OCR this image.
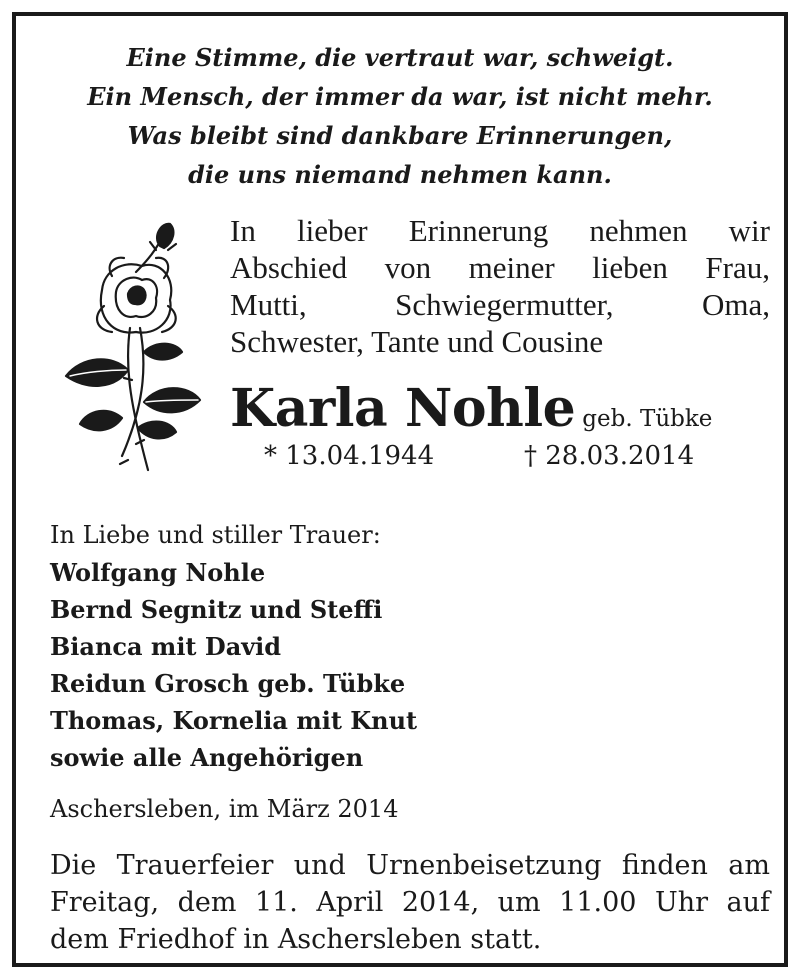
Eine Stimme, die vertraut war, schweigt.
Ein Mensch, der immer da war, ist nicht mehr.
Was bleibt sind dankbare Erinnerungen,
die uns niemand nehmen kann.
In lieber Erinnerung nehmen wir
Abschied von meiner lieben Frau,
Mutti, Schwiegermutter, Oma,
Schwester, Tante und Cousine
Karla Nohle geb. Tübke
* 13.04.1944	† 28.03.2014
In Liebe und stiller Trauer:
Wolfgang Nohle
Bernd Segnitz und Steffi
Bianca mit David
Reidun Grosch geb. Tübke
Thomas, Kornelia mit Knut
sowie alle Angehörigen
Aschersleben, im März 2014
Die Trauerfeier und Urnenbeisetzung finden am
Freitag, dem 11. April 2014, um 11.00 Uhr auf
dem Friedhof in Aschersleben statt.
